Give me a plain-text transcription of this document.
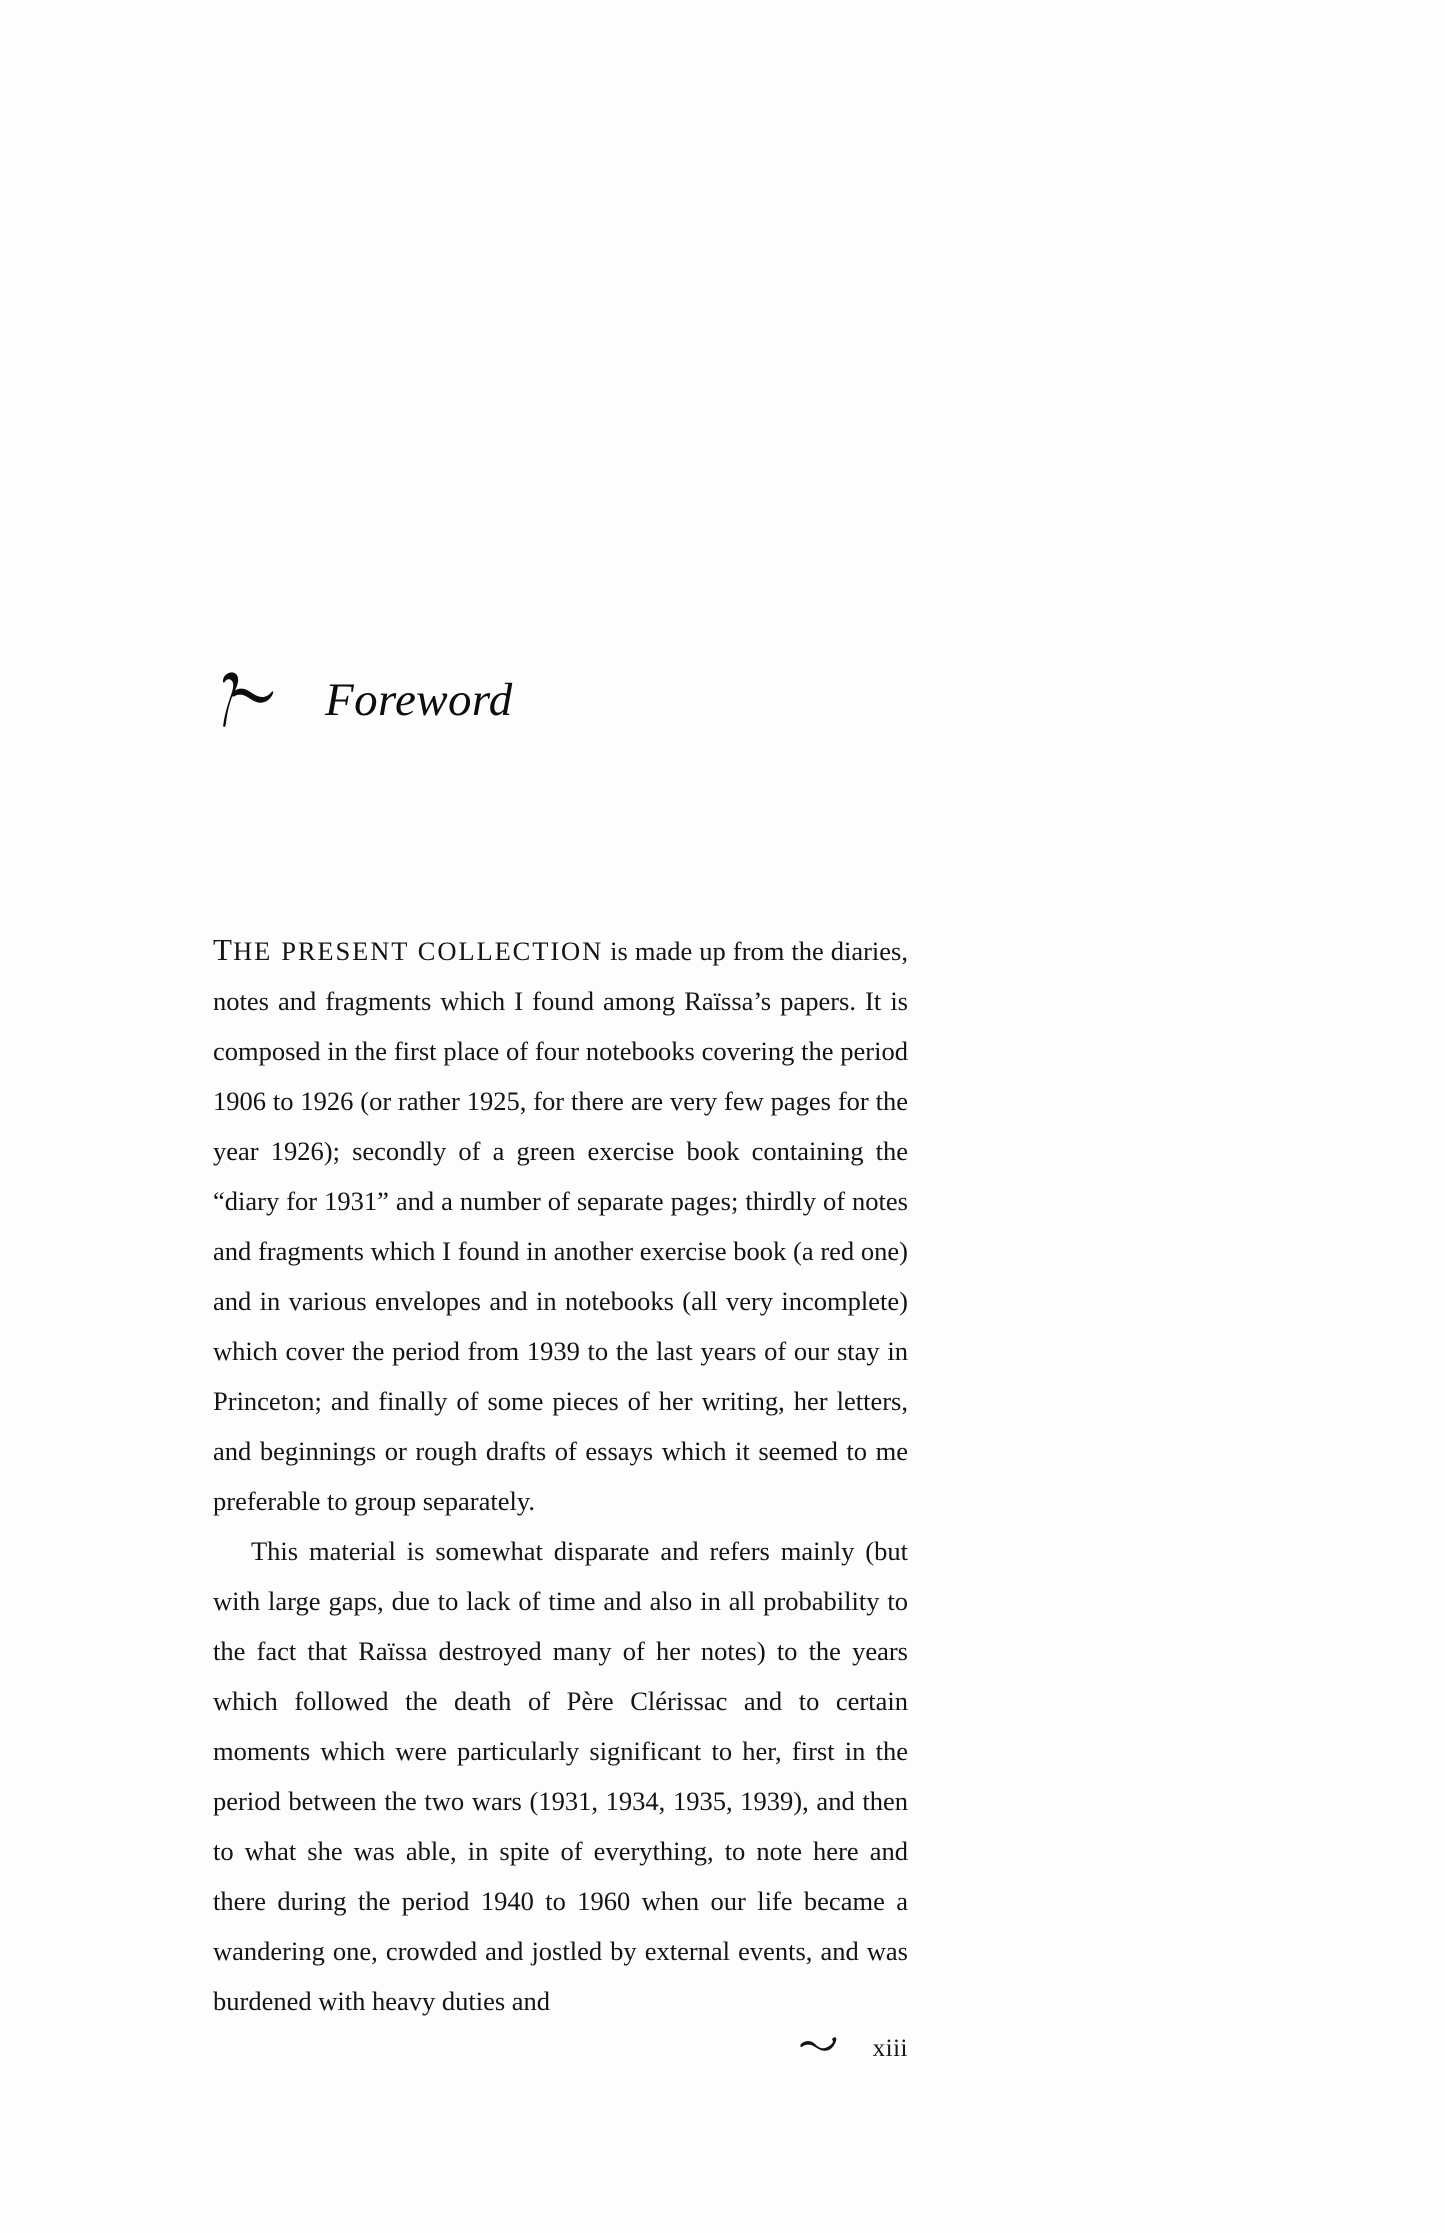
Foreword

THE PRESENT COLLECTION is made up from the diaries, notes and fragments which I found among Raïssa’s papers. It is composed in the first place of four notebooks covering the period 1906 to 1926 (or rather 1925, for there are very few pages for the year 1926); secondly of a green exercise book containing the “diary for 1931” and a number of separate pages; thirdly of notes and fragments which I found in another exercise book (a red one) and in various envelopes and in notebooks (all very incomplete) which cover the period from 1939 to the last years of our stay in Princeton; and finally of some pieces of her writing, her letters, and beginnings or rough drafts of essays which it seemed to me preferable to group separately.

This material is somewhat disparate and refers mainly (but with large gaps, due to lack of time and also in all probability to the fact that Raïssa destroyed many of her notes) to the years which followed the death of Père Clérissac and to certain moments which were particularly significant to her, first in the period between the two wars (1931, 1934, 1935, 1939), and then to what she was able, in spite of everything, to note here and there during the period 1940 to 1960 when our life became a wandering one, crowded and jostled by external events, and was burdened with heavy duties and

xiii
